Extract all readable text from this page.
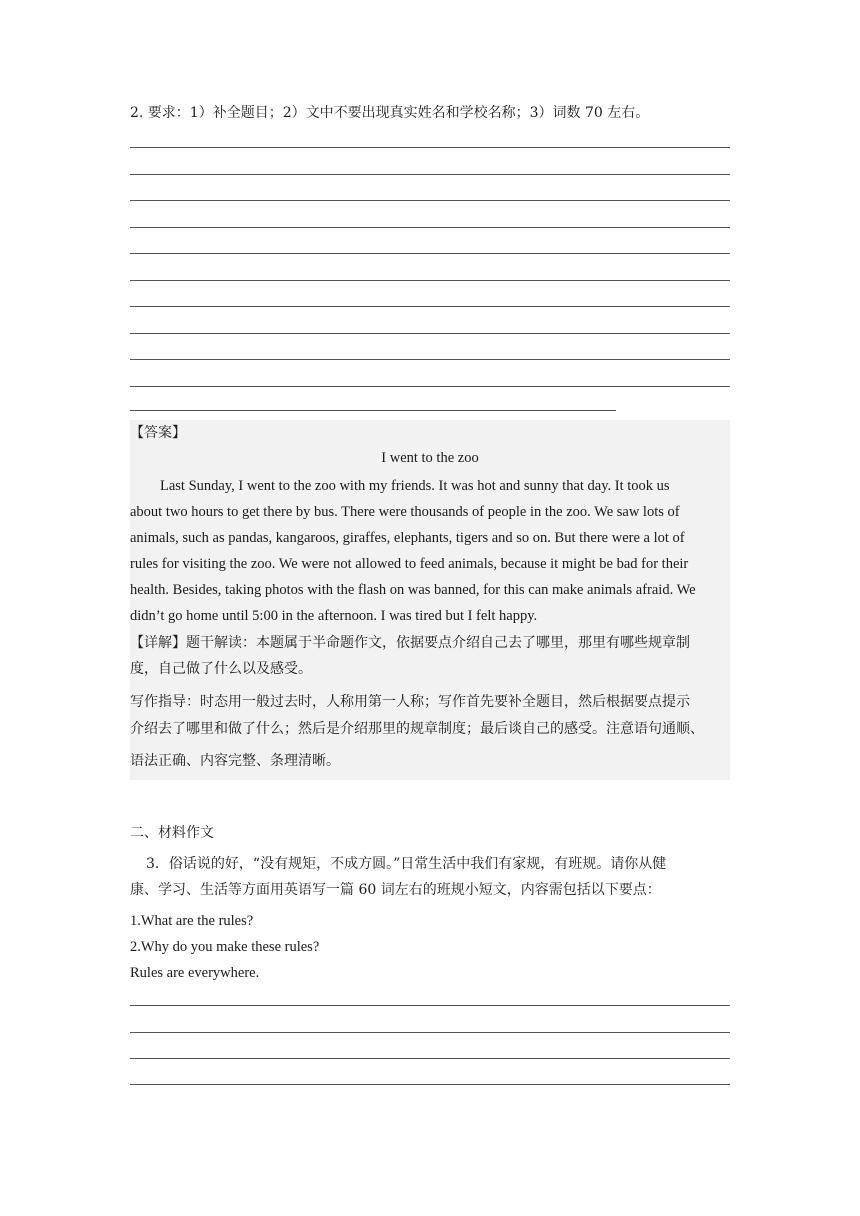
2. 要求：1）补全题目；2）文中不要出现真实姓名和学校名称；3）词数 70 左右。
【答案】
I went to the zoo
Last Sunday, I went to the zoo with my friends. It was hot and sunny that day. It took us
about two hours to get there by bus. There were thousands of people in the zoo. We saw lots of
animals, such as pandas, kangaroos, giraffes, elephants, tigers and so on. But there were a lot of
rules for visiting the zoo. We were not allowed to feed animals, because it might be bad for their
health. Besides, taking photos with the flash on was banned, for this can make animals afraid. We
didn’t go home until 5:00 in the afternoon. I was tired but I felt happy.
【详解】题干解读：本题属于半命题作文，依据要点介绍自己去了哪里，那里有哪些规章制
度，自己做了什么以及感受。
写作指导：时态用一般过去时，人称用第一人称；写作首先要补全题目，然后根据要点提示
介绍去了哪里和做了什么；然后是介绍那里的规章制度；最后谈自己的感受。注意语句通顺、
语法正确、内容完整、条理清晰。
二、材料作文
3．俗话说的好，“没有规矩，不成方圆。”日常生活中我们有家规，有班规。请你从健
康、学习、生活等方面用英语写一篇 60 词左右的班规小短文，内容需包括以下要点：
1.What are the rules?
2.Why do you make these rules?
Rules are everywhere.
